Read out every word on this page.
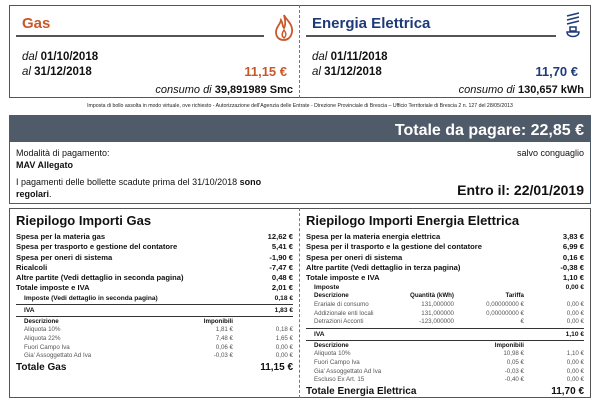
Gas
dal 01/10/2018
al 31/12/2018	11,15 €
consumo di 39,891989 Smc
Energia Elettrica
dal 01/11/2018
al 31/12/2018	11,70 €
consumo di 130,657 kWh
Imposta di bollo assolta in modo virtuale, ove richiesto - Autorizzazione dell'Agenzia delle Entrate - Direzione Provinciale di Brescia – Ufficio Territoriale di Brescia 2 n. 127 del 28/05/2013
Totale da pagare: 22,85 €
Modalità di pagamento:
MAV Allegato
salvo conguaglio
I pagamenti delle bollette scadute prima del 31/10/2018 sono regolari.	Entro il: 22/01/2019
Riepilogo Importi Gas
Spesa per la materia gas	12,62 €
Spesa per trasporto e gestione del contatore	5,41 €
Spesa per oneri di sistema	-1,90 €
Ricalcoli	-7,47 €
Altre partite (Vedi dettaglio in seconda pagina)	0,48 €
Totale imposte e IVA	2,01 €
Imposte (Vedi dettaglio in seconda pagina)	0,18 €
IVA	1,83 €
Descrizione	Imponibili
Aliquota 10%	1,81 €	0,18 €
Aliquota 22%	7,48 €	1,65 €
Fuori Campo Iva	0,06 €	0,00 €
Gia' Assoggettato Ad Iva	-0,03 €	0,00 €
Totale Gas	11,15 €
Riepilogo Importi Energia Elettrica
Spesa per la materia energia elettrica	3,83 €
Spesa per il trasporto e la gestione del contatore	6,99 €
Spesa per oneri di sistema	0,16 €
Altre partite (Vedi dettaglio in terza pagina)	-0,38 €
Totale imposte e IVA	1,10 €
Imposte	0,00 €
Descrizione	Quantità (kWh)	Tariffa
Erariale di consumo	131,000000	0,00000000 €	0,00 €
Addizionale enti locali	131,000000	0,00000000 €	0,00 €
Detrazioni Acconti	-123,000000	€	0,00 €
IVA	1,10 €
Descrizione	Imponibili
Aliquota 10%	10,98 €	1,10 €
Fuori Campo Iva	0,05 €	0,00 €
Gia' Assoggettato Ad Iva	-0,03 €	0,00 €
Escluso Ex Art. 15	-0,40 €	0,00 €
Totale Energia Elettrica	11,70 €
